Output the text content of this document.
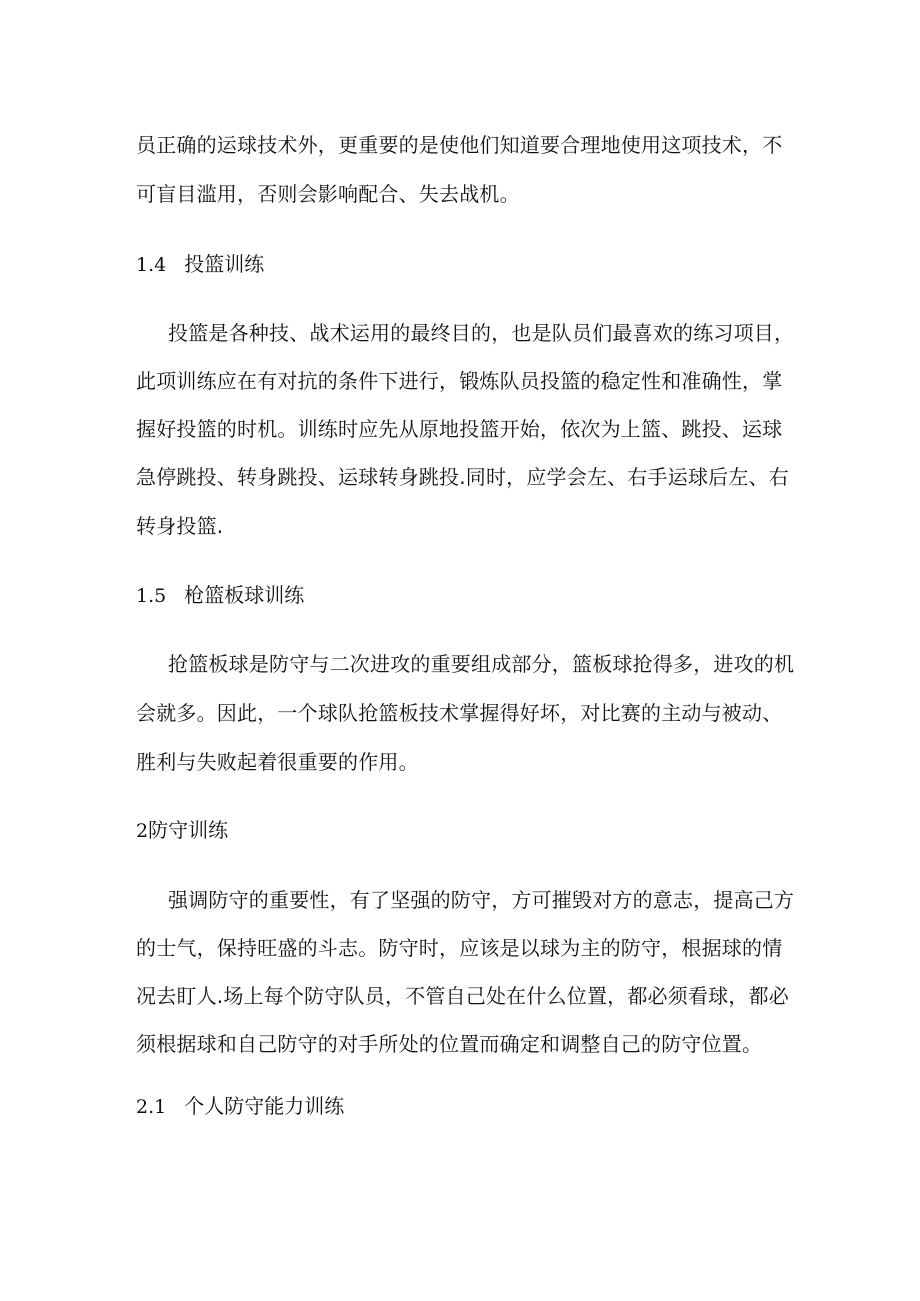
员正确的运球技术外，更重要的是使他们知道要合理地使用这项技术，不
可盲目滥用，否则会影响配合、失去战机。
1.4 投篮训练
投篮是各种技、战术运用的最终目的，也是队员们最喜欢的练习项目，
此项训练应在有对抗的条件下进行，锻炼队员投篮的稳定性和准确性，掌
握好投篮的时机。训练时应先从原地投篮开始，依次为上篮、跳投、运球
急停跳投、转身跳投、运球转身跳投.同时，应学会左、右手运球后左、右
转身投篮.
1.5 枪篮板球训练
抢篮板球是防守与二次进攻的重要组成部分，篮板球抢得多，进攻的机
会就多。因此，一个球队抢篮板技术掌握得好坏，对比赛的主动与被动、
胜利与失败起着很重要的作用。
2防守训练
强调防守的重要性，有了坚强的防守，方可摧毁对方的意志，提高己方
的士气，保持旺盛的斗志。防守时，应该是以球为主的防守，根据球的情
况去盯人.场上每个防守队员，不管自己处在什么位置，都必须看球，都必
须根据球和自己防守的对手所处的位置而确定和调整自己的防守位置。
2.1 个人防守能力训练
